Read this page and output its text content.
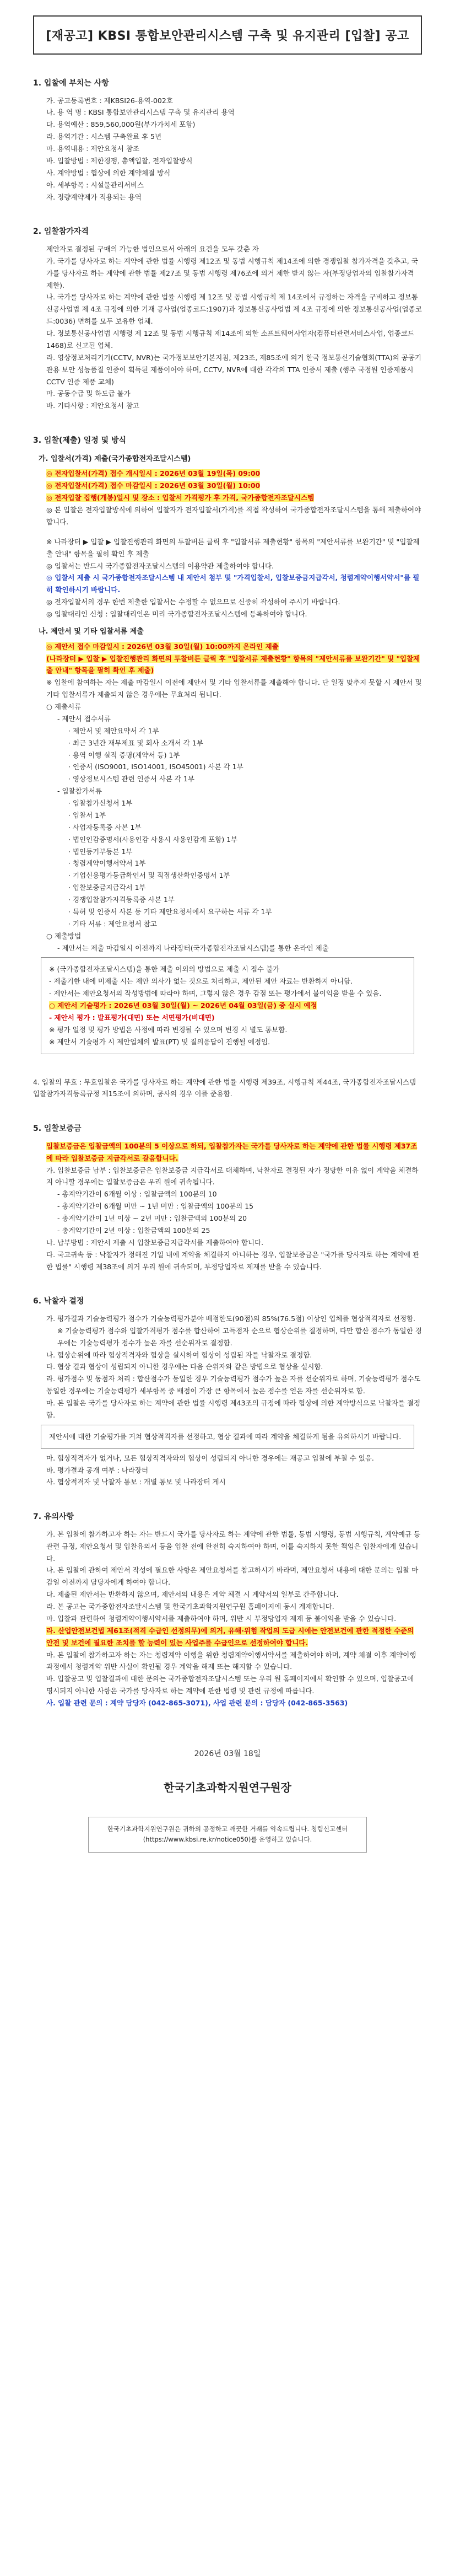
[재공고] KBSI 통합보안관리시스템 구축 및 유지관리 [입찰] 공고
1. 입찰에 부치는 사항
가. 공고등록번호 : 제KBSI26-용역-002호
나. 용 역 명 : KBSI 통합보안관리시스템 구축 및 유지관리 용역
다. 용역예산 : 859,560,000원(부가가치세 포함)
라. 용역기간 : 시스템 구축완료 후 5년
마. 용역내용 : 제안요청서 참조
바. 입찰방법 : 제한경쟁, 총액입찰, 전자입찰방식
사. 계약방법 : 협상에 의한 계약체결 방식
아. 세부항목 : 시설물관리서비스
자. 정량계약제가 적용되는 용역
2. 입찰참가자격
제안자로 결정된 구매의 가능한 법인으로서 아래의 요건을 모두 갖춘 자
가. 국가를 당사자로 하는 계약에 관한 법률 시행령 제12조 및 동법 시행규칙 제14조에 의한 경쟁입찰 참가자격을 갖추고, 국가를 당사자로 하는 계약에 관한 법률 제27조 및 동법 시행령 제76조에 의거 제한 받지 않는 자(부정당업자의 입찰참가자격 제한).
나. 국가를 당사자로 하는 계약에 관한 법률 시행령 제 12조 및 동법 시행규칙 제 14조에서 규정하는 자격을 구비하고 정보통신공사업법 제 4조 규정에 의한 기재 공사업(업종코드:1907)과 정보통신공사업법 제 4조 규정에 의한 정보통신공사업(업종코드:0036) 면허를 모두 보유한 업체.
다. 정보통신공사업법 시행령 제 12조 및 동법 시행규칙 제14조에 의한 소프트웨어사업자(컴퓨터관련서비스사업, 업종코드 1468)로 신고된 업체.
라. 영상정보처리기기(CCTV, NVR)는 국가정보보안기본지침, 제23조, 제85조에 의거 한국 정보통신기술협회(TTA)의 공공기관용 보안 성능품질 인증이 획득된 제품이어야 하며, CCTV, NVR에 대한 각각의 TTA 인증서 제출 (행주 국정원 인증제품시 CCTV 인증 제품 교체)
마. 공동수급 및 하도급 불가
바. 기타사항 : 제안요청서 참고
3. 입찰(제출) 일정 및 방식
가. 입찰서(가격) 제출(국가종합전자조달시스템)
◎ 전자입찰서(가격) 접수 개시일시 : 2026년 03월 19일(목) 09:00
◎ 전자입찰서(가격) 접수 마감일시 : 2026년 03월 30일(월) 10:00
◎ 전자입찰 집행(개봉)일시 및 장소 : 입찰서 가격평가 후 가격, 국가종합전자조달시스템
◎ 본 입찰은 전자입찰방식에 의하여 입찰자가 전자입찰서(가격)를 직접 작성하여 국가종합전자조달시스템을 통해 제출하여야 합니다.
※ 나라장터 ▶ 입찰 ▶ 입찰진행관리 화면의 투찰버튼 클릭 후 "입찰서류 제출현황" 항목의 "제안서류를 보완기간" 및 "입찰제출 안내" 항목을 필히 확인 후 제출
◎ 입찰서는 반드시 국가종합전자조달시스템의 이용약관 제출하여야 합니다.
◎ 입찰서 제출 시 국가종합전자조달시스템 내 제안서 첨부 및 "가격입찰서, 입찰보증금지급각서, 청렴계약이행서약서"를 필히 확인하시기 바랍니다.
◎ 전자입찰서의 경우 한번 제출한 입찰서는 수정할 수 없으므로 신중히 작성하여 주시기 바랍니다.
◎ 입찰대리인 신청 : 입찰대리인은 미리 국가종합전자조달시스템에 등록하여야 합니다.
나. 제안서 및 기타 입찰서류 제출
◎ 제안서 접수 마감일시 : 2026년 03월 30일(월) 10:00까지 온라인 제출
(나라장터 ▶ 입찰 ▶ 입찰진행관리 화면의 투찰버튼 클릭 후 "입찰서류 제출현황" 항목의 "제안서류를 보완기간" 및 "입찰제출 안내" 항목을 필히 확인 후 제출)
※ 입찰에 참여하는 자는 제출 마감일시 이전에 제안서 및 기타 입찰서류를 제출해야 합니다. 단 일정 맞추지 못할 시 제안서 및 기타 입찰서류가 제출되지 않은 경우에는 무효처리 됩니다.
○ 제출서류
- 제안서 접수서류
· 제안서 및 제안요약서 각 1부
· 최근 3년간 재무제표 및 회사 소개서 각 1부
· 용역 이행 실적 증명(계약서 등) 1부
· 인증서 (ISO9001, ISO14001, ISO45001) 사본 각 1부
· 영상정보시스템 관련 인증서 사본 각 1부
- 입찰참가서류
· 입찰참가신청서 1부
· 입찰서 1부
· 사업자등록증 사본 1부
· 법인인감증명서(사용인감 사용시 사용인감계 포함) 1부
· 법인등기부등본 1부
· 청렴계약이행서약서 1부
· 기업신용평가등급확인서 및 직접생산확인증명서 1부
· 입찰보증금지급각서 1부
· 경쟁입찰참가자격등록증 사본 1부
· 특허 및 인증서 사본 등 기타 제안요청서에서 요구하는 서류 각 1부
· 기타 서류 : 제안요청서 참고
○ 제출방법
- 제안서는 제출 마감일시 이전까지 나라장터(국가종합전자조달시스템)를 통한 온라인 제출
※ (국가종합전자조달시스템)을 통한 제출 이외의 방법으로 제출 시 접수 불가
- 제출기한 내에 미제출 시는 제안 의사가 없는 것으로 처리하고, 제안된 제안 자료는 반환하지 아니함.
- 제안서는 제안요청서의 작성방법에 따라야 하며, 그렇지 않은 경우 감점 또는 평가에서 불이익을 받을 수 있음.
○ 제안서 기술평가 : 2026년 03월 30일(월) ~ 2026년 04월 03일(금) 중 실시 예정
- 제안서 평가 : 발표평가(대면) 또는 서면평가(비대면)
※ 평가 일정 및 평가 방법은 사정에 따라 변경될 수 있으며 변경 시 별도 통보함.
※ 제안서 기술평가 시 제안업체의 발표(PT) 및 질의응답이 진행될 예정임.
4. 입찰의 무효 : 무효입찰은 국가를 당사자로 하는 계약에 관한 법률 시행령 제39조, 시행규칙 제44조, 국가종합전자조달시스템 입찰참가자격등록규정 제15조에 의하며, 공사의 경우 이를 준용함.
5. 입찰보증금
입찰보증금은 입찰금액의 100분의 5 이상으로 하되, 입찰참가자는 국가를 당사자로 하는 계약에 관한 법률 시행령 제37조에 따라 입찰보증금 지급각서로 갈음합니다.
가. 입찰보증금 납부 : 입찰보증금은 입찰보증금 지급각서로 대체하며, 낙찰자로 결정된 자가 정당한 이유 없이 계약을 체결하지 아니할 경우에는 입찰보증금은 우리 원에 귀속됩니다.
- 총계약기간이 6개월 이상 : 입찰금액의 100분의 10
- 총계약기간이 6개월 미만 ~ 1년 미만 : 입찰금액의 100분의 15
- 총계약기간이 1년 이상 ~ 2년 미만 : 입찰금액의 100분의 20
- 총계약기간이 2년 이상 : 입찰금액의 100분의 25
나. 납부방법 : 제안서 제출 시 입찰보증금지급각서를 제출하여야 합니다.
다. 국고귀속 등 : 낙찰자가 정해진 기일 내에 계약을 체결하지 아니하는 경우, 입찰보증금은 "국가를 당사자로 하는 계약에 관한 법률" 시행령 제38조에 의거 우리 원에 귀속되며, 부정당업자로 제재를 받을 수 있습니다.
6. 낙찰자 결정
가. 평가결과 기술능력평가 점수가 기술능력평가분야 배점한도(90점)의 85%(76.5점) 이상인 업체를 협상적격자로 선정함.
※ 기술능력평가 점수와 입찰가격평가 점수를 합산하여 고득점자 순으로 협상순위를 결정하며, 다만 합산 점수가 동일한 경우에는 기술능력평가 점수가 높은 자를 선순위자로 결정함.
나. 협상순위에 따라 협상적격자와 협상을 실시하여 협상이 성립된 자를 낙찰자로 결정함.
다. 협상 결과 협상이 성립되지 아니한 경우에는 다음 순위자와 같은 방법으로 협상을 실시함.
라. 평가점수 및 동점자 처리 : 합산점수가 동일한 경우 기술능력평가 점수가 높은 자를 선순위자로 하며, 기술능력평가 점수도 동일한 경우에는 기술능력평가 세부항목 중 배점이 가장 큰 항목에서 높은 점수를 얻은 자를 선순위자로 함.
마. 본 입찰은 국가를 당사자로 하는 계약에 관한 법률 시행령 제43조의 규정에 따라 협상에 의한 계약방식으로 낙찰자를 결정함.
제안서에 대한 기술평가를 거쳐 협상적격자를 선정하고, 협상 결과에 따라 계약을 체결하게 됨을 유의하시기 바랍니다.
마. 협상적격자가 없거나, 모든 협상적격자와의 협상이 성립되지 아니한 경우에는 재공고 입찰에 부칠 수 있음.
바. 평가결과 공개 여부 : 나라장터
사. 협상적격자 및 낙찰자 통보 : 개별 통보 및 나라장터 게시
7. 유의사항
가. 본 입찰에 참가하고자 하는 자는 반드시 국가를 당사자로 하는 계약에 관한 법률, 동법 시행령, 동법 시행규칙, 계약예규 등 관련 규정, 제안요청서 및 입찰유의서 등을 입찰 전에 완전히 숙지하여야 하며, 이를 숙지하지 못한 책임은 입찰자에게 있습니다.
나. 본 입찰에 관하여 제안서 작성에 필요한 사항은 제안요청서를 참고하시기 바라며, 제안요청서 내용에 대한 문의는 입찰 마감일 이전까지 담당자에게 하여야 합니다.
다. 제출된 제안서는 반환하지 않으며, 제안서의 내용은 계약 체결 시 계약서의 일부로 간주합니다.
라. 본 공고는 국가종합전자조달시스템 및 한국기초과학지원연구원 홈페이지에 동시 게재합니다.
마. 입찰과 관련하여 청렴계약이행서약서를 제출하여야 하며, 위반 시 부정당업자 제재 등 불이익을 받을 수 있습니다.
라. 산업안전보건법 제61조(적격 수급인 선정의무)에 의거, 유해·위험 작업의 도급 시에는 안전보건에 관한 적정한 수준의 안전 및 보건에 필요한 조치를 할 능력이 있는 사업주를 수급인으로 선정하여야 합니다.
마. 본 입찰에 참가하고자 하는 자는 청렴계약 이행을 위한 청렴계약이행서약서를 제출하여야 하며, 계약 체결 이후 계약이행 과정에서 청렴계약 위반 사실이 확인될 경우 계약을 해제 또는 해지할 수 있습니다.
바. 입찰공고 및 입찰결과에 대한 문의는 국가종합전자조달시스템 또는 우리 원 홈페이지에서 확인할 수 있으며, 입찰공고에 명시되지 아니한 사항은 국가를 당사자로 하는 계약에 관한 법령 및 관련 규정에 따릅니다.
사. 입찰 관련 문의 : 계약 담당자 (042-865-3071), 사업 관련 문의 : 담당자 (042-865-3563)
2026년 03월 18일
한국기초과학지원연구원장
한국기초과학지원연구원은 귀하의 공정하고 깨끗한 거래를 약속드립니다. 청렴신고센터(https://www.kbsi.re.kr/notice050)를 운영하고 있습니다.
